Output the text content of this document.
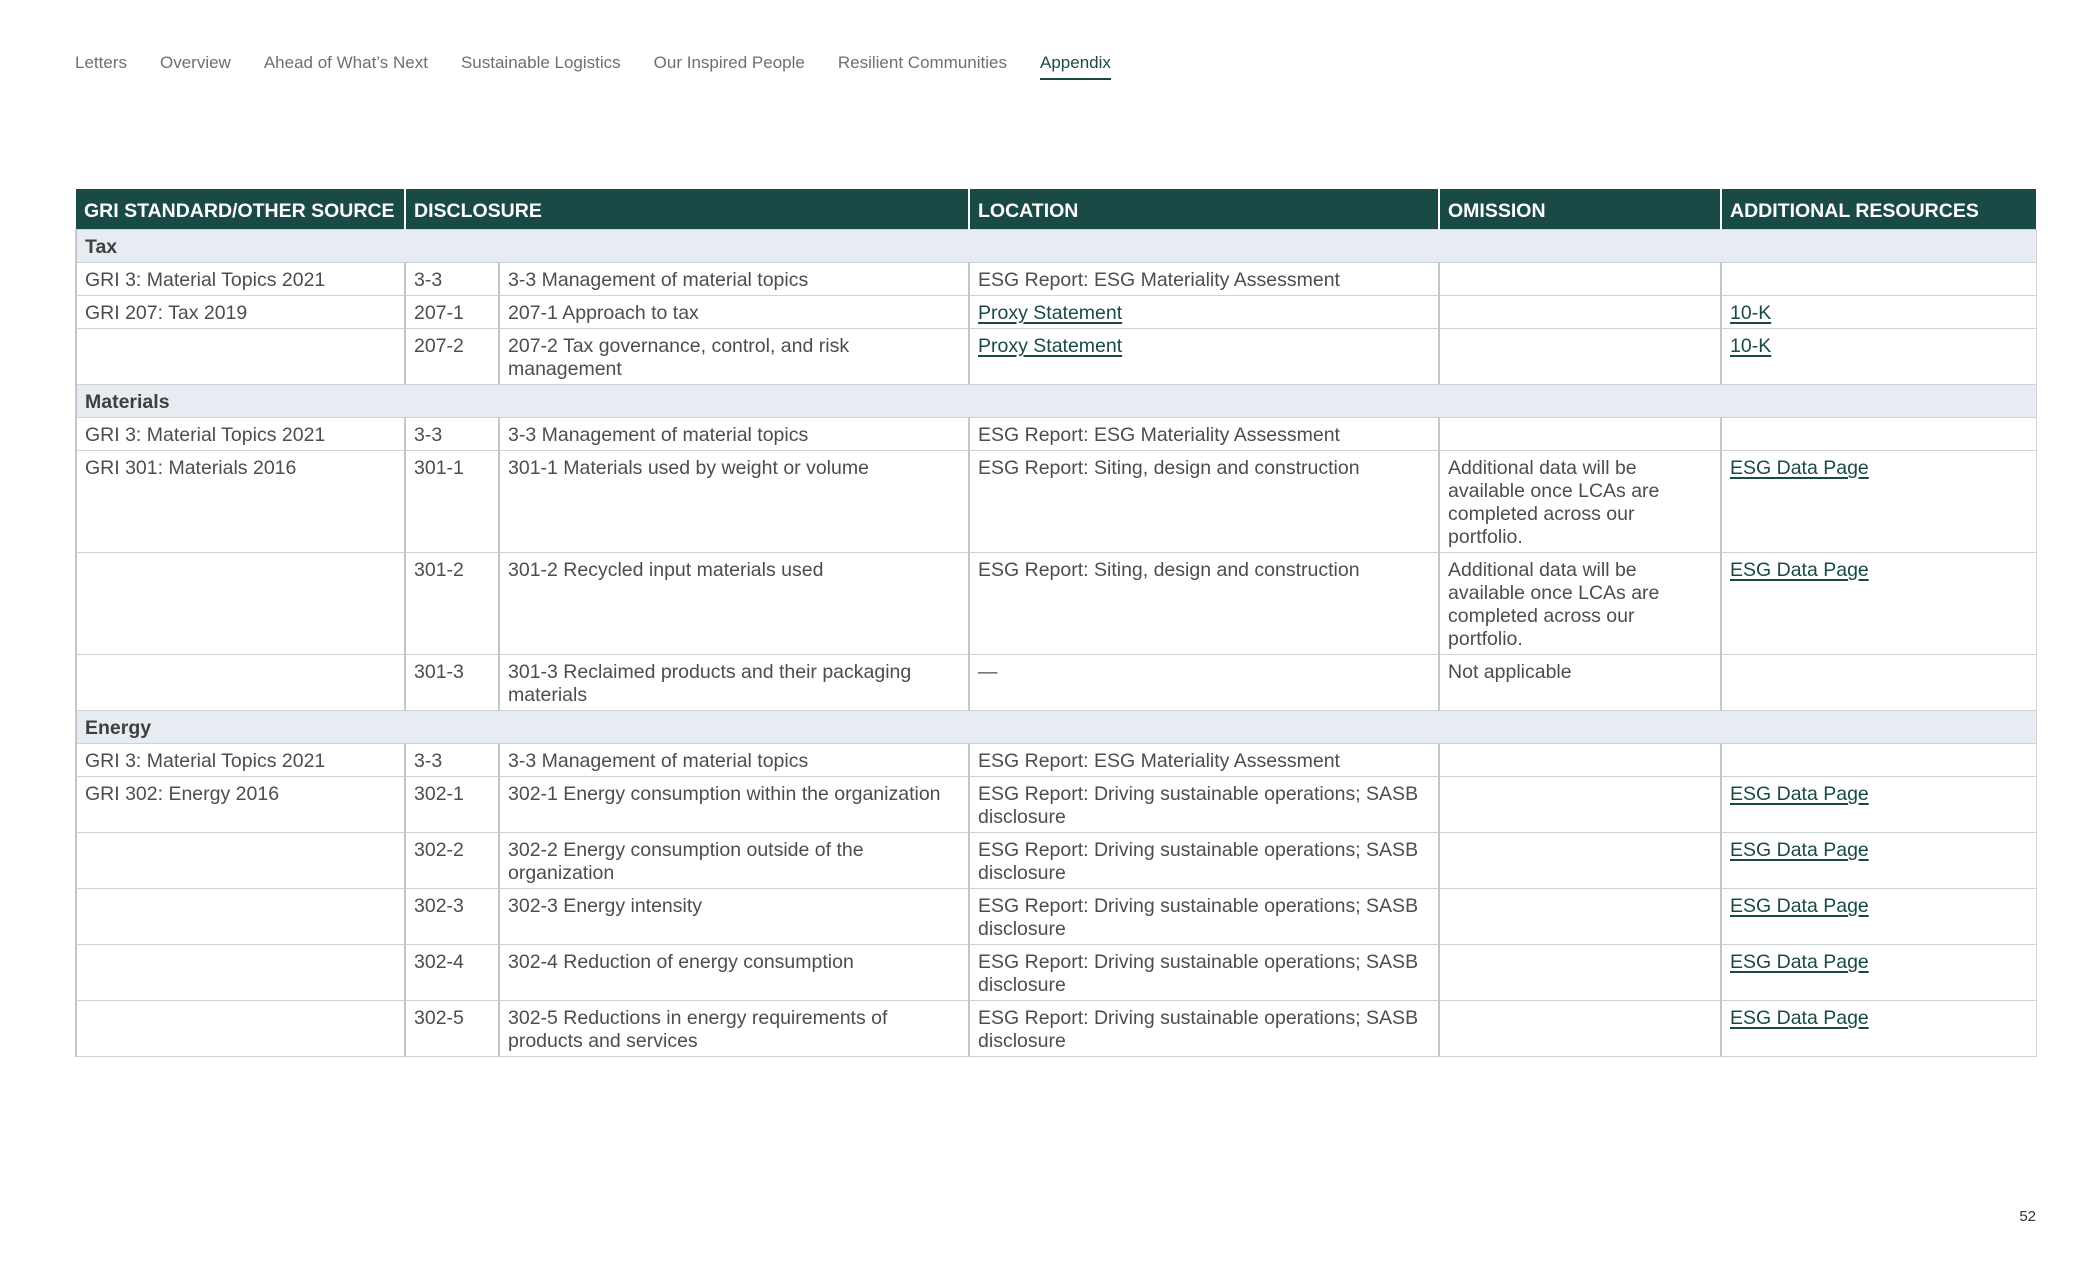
Letters Overview Ahead of What’s Next Sustainable Logistics Our Inspired People Resilient Communities Appendix
GRI STANDARD/OTHER SOURCE	DISCLOSURE		LOCATION	OMISSION	ADDITIONAL RESOURCES
Tax					
GRI 3: Material Topics 2021	3-3	3-3 Management of material topics	ESG Report: ESG Materiality Assessment		
GRI 207: Tax 2019	207-1	207-1 Approach to tax	Proxy Statement		10-K
	207-2	207-2 Tax governance, control, and risk management	Proxy Statement		10-K
Materials					
GRI 3: Material Topics 2021	3-3	3-3 Management of material topics	ESG Report: ESG Materiality Assessment		
GRI 301: Materials 2016	301-1	301-1 Materials used by weight or volume	ESG Report: Siting, design and construction	Additional data will be available once LCAs are completed across our portfolio.	ESG Data Page
	301-2	301-2 Recycled input materials used	ESG Report: Siting, design and construction	Additional data will be available once LCAs are completed across our portfolio.	ESG Data Page
	301-3	301-3 Reclaimed products and their packaging materials	—	Not applicable	
Energy					
GRI 3: Material Topics 2021	3-3	3-3 Management of material topics	ESG Report: ESG Materiality Assessment		
GRI 302: Energy 2016	302-1	302-1 Energy consumption within the organization	ESG Report: Driving sustainable operations; SASB disclosure		ESG Data Page
	302-2	302-2 Energy consumption outside of the organization	ESG Report: Driving sustainable operations; SASB disclosure		ESG Data Page
	302-3	302-3 Energy intensity	ESG Report: Driving sustainable operations; SASB disclosure		ESG Data Page
	302-4	302-4 Reduction of energy consumption	ESG Report: Driving sustainable operations; SASB disclosure		ESG Data Page
	302-5	302-5 Reductions in energy requirements of products and services	ESG Report: Driving sustainable operations; SASB disclosure		ESG Data Page
52
